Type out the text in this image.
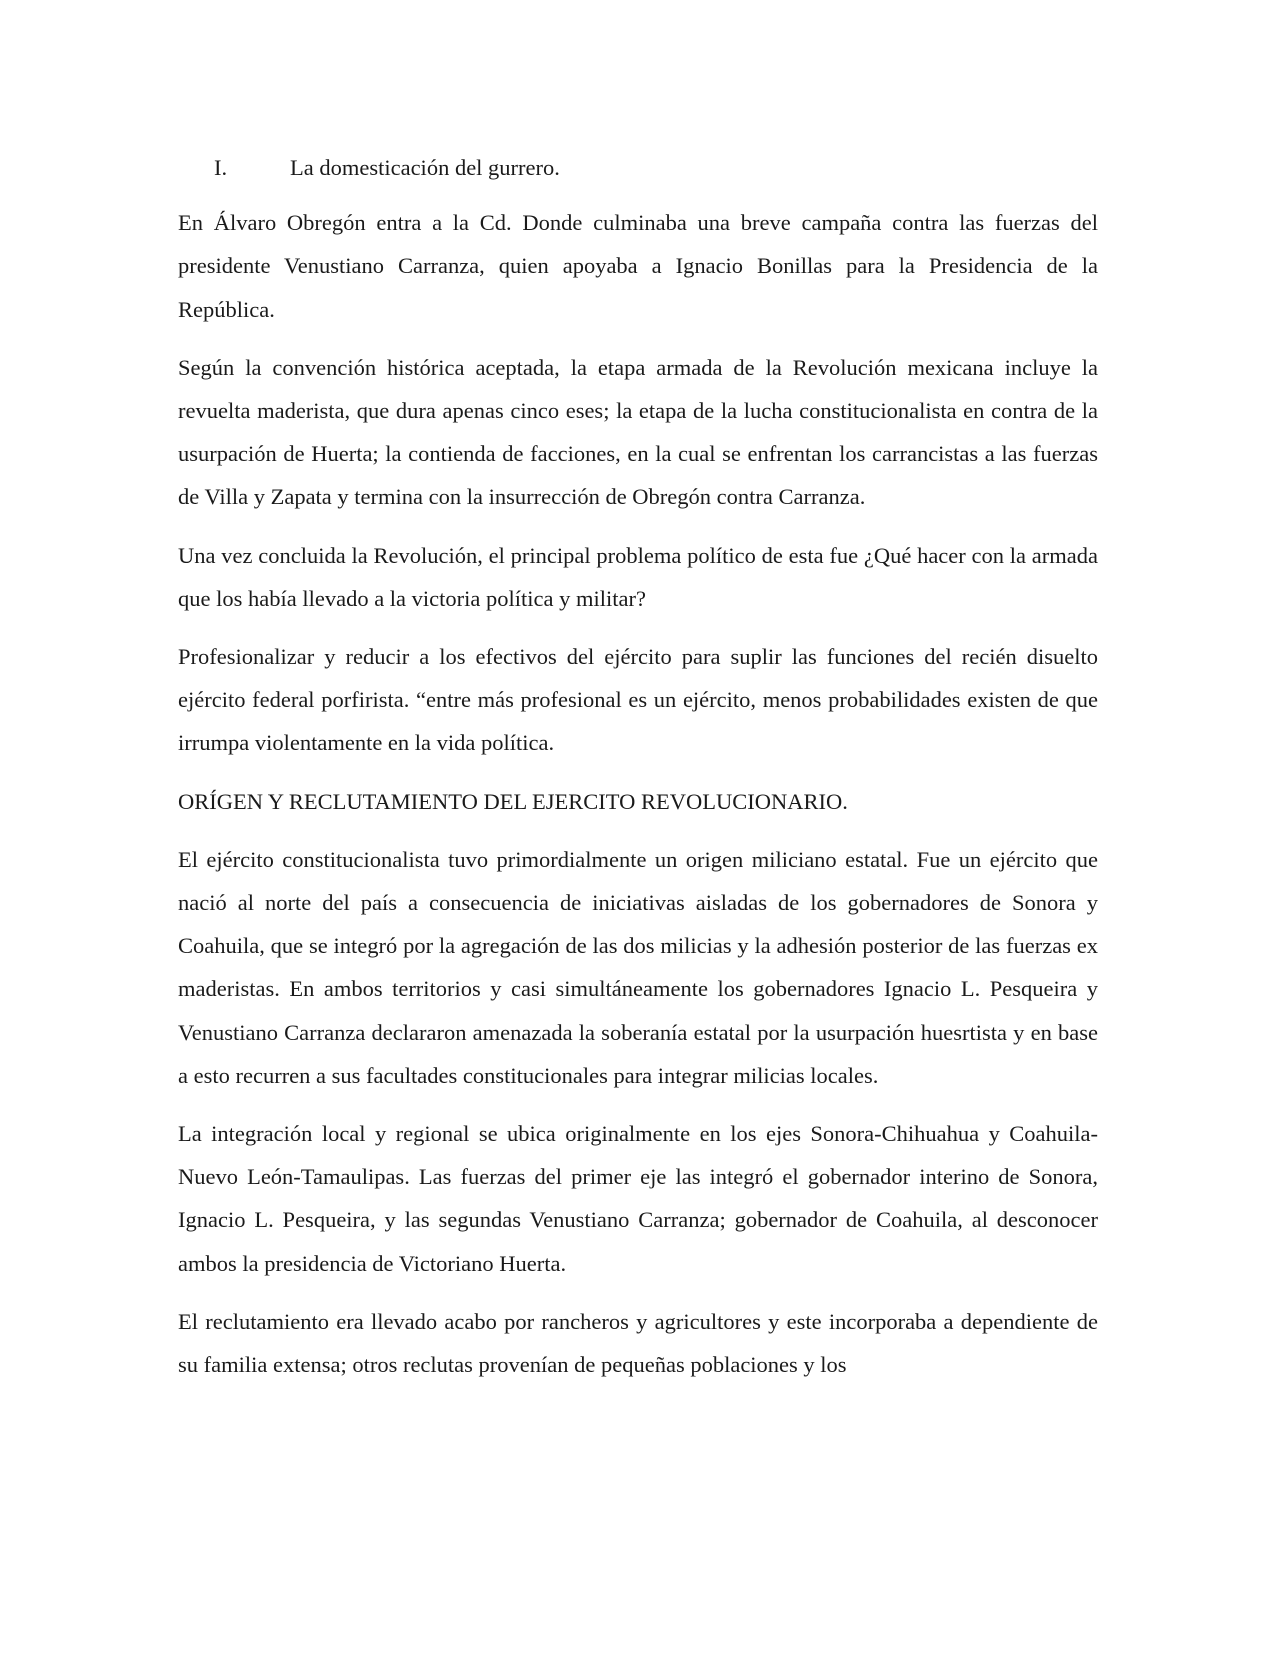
I.	La domesticación del gurrero.

En Álvaro Obregón entra a la Cd. Donde culminaba una breve campaña contra las fuerzas del presidente Venustiano Carranza, quien apoyaba a Ignacio Bonillas para la Presidencia de la República.

Según la convención histórica aceptada, la etapa armada de la Revolución mexicana incluye la revuelta maderista, que dura apenas cinco eses; la etapa de la lucha constitucionalista en contra de la usurpación de Huerta; la contienda de facciones, en la cual se enfrentan los carrancistas a las fuerzas de Villa y Zapata y termina con la insurrección de Obregón contra Carranza.

Una vez concluida la Revolución, el principal problema político de esta fue ¿Qué hacer con la armada que los había llevado a la victoria política y militar?

Profesionalizar y reducir a los efectivos del ejército para suplir las funciones del recién disuelto ejército federal porfirista. “entre más profesional es un ejército, menos probabilidades existen de que irrumpa violentamente en la vida política.

ORÍGEN Y RECLUTAMIENTO DEL EJERCITO REVOLUCIONARIO.

El ejército constitucionalista tuvo primordialmente un origen miliciano estatal. Fue un ejército que nació al norte del país a consecuencia de iniciativas aisladas de los gobernadores de Sonora y Coahuila, que se integró por la agregación de las dos milicias y la adhesión posterior de las fuerzas ex maderistas. En ambos territorios y casi simultáneamente los gobernadores Ignacio L. Pesqueira y Venustiano Carranza declararon amenazada la soberanía estatal por la usurpación huesrtista y en base a esto recurren a sus facultades constitucionales para integrar milicias locales.

La integración local y regional se ubica originalmente en los ejes Sonora-Chihuahua y Coahuila-Nuevo León-Tamaulipas. Las fuerzas del primer eje las integró el gobernador interino de Sonora, Ignacio L. Pesqueira, y las segundas Venustiano Carranza; gobernador de Coahuila, al desconocer ambos la presidencia de Victoriano Huerta.

El reclutamiento era llevado acabo por rancheros y agricultores y este incorporaba a dependiente de su familia extensa; otros reclutas provenían de pequeñas poblaciones y los
